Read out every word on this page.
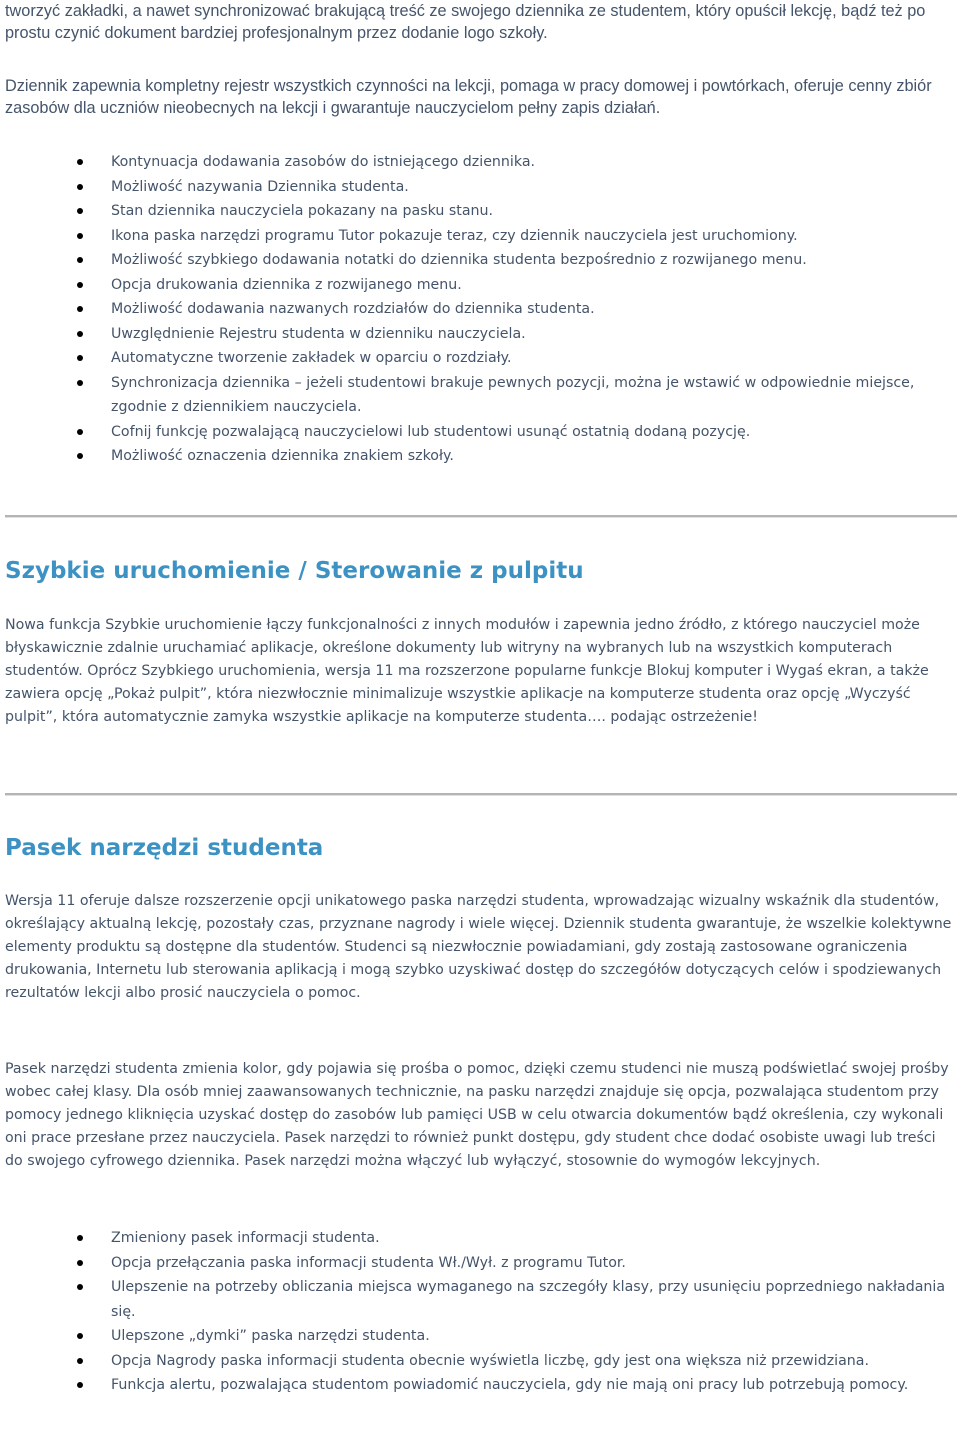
tworzyć zakładki, a nawet synchronizować brakującą treść ze swojego dziennika ze studentem, który opuścił lekcję, bądź też po prostu czynić dokument bardziej profesjonalnym przez dodanie logo szkoły.

Dziennik zapewnia kompletny rejestr wszystkich czynności na lekcji, pomaga w pracy domowej i powtórkach, oferuje cenny zbiór zasobów dla uczniów nieobecnych na lekcji i gwarantuje nauczycielom pełny zapis działań.

Kontynuacja dodawania zasobów do istniejącego dziennika.
Możliwość nazywania Dziennika studenta.
Stan dziennika nauczyciela pokazany na pasku stanu.
Ikona paska narzędzi programu Tutor pokazuje teraz, czy dziennik nauczyciela jest uruchomiony.
Możliwość szybkiego dodawania notatki do dziennika studenta bezpośrednio z rozwijanego menu.
Opcja drukowania dziennika z rozwijanego menu.
Możliwość dodawania nazwanych rozdziałów do dziennika studenta.
Uwzględnienie Rejestru studenta w dzienniku nauczyciela.
Automatyczne tworzenie zakładek w oparciu o rozdziały.
Synchronizacja dziennika – jeżeli studentowi brakuje pewnych pozycji, można je wstawić w odpowiednie miejsce, zgodnie z dziennikiem nauczyciela.
Cofnij funkcję pozwalającą nauczycielowi lub studentowi usunąć ostatnią dodaną pozycję.
Możliwość oznaczenia dziennika znakiem szkoły.
Szybkie uruchomienie / Sterowanie z pulpitu

Nowa funkcja Szybkie uruchomienie łączy funkcjonalności z innych modułów i zapewnia jedno źródło, z którego nauczyciel może błyskawicznie zdalnie uruchamiać aplikacje, określone dokumenty lub witryny na wybranych lub na wszystkich komputerach studentów. Oprócz Szybkiego uruchomienia, wersja 11 ma rozszerzone popularne funkcje Blokuj komputer i Wygaś ekran, a także zawiera opcję „Pokaż pulpit”, która niezwłocznie minimalizuje wszystkie aplikacje na komputerze studenta oraz opcję „Wyczyść pulpit”, która automatycznie zamyka wszystkie aplikacje na komputerze studenta…. podając ostrzeżenie!

Pasek narzędzi studenta

Wersja 11 oferuje dalsze rozszerzenie opcji unikatowego paska narzędzi studenta, wprowadzając wizualny wskaźnik dla studentów, określający aktualną lekcję, pozostały czas, przyznane nagrody i wiele więcej. Dziennik studenta gwarantuje, że wszelkie kolektywne elementy produktu są dostępne dla studentów. Studenci są niezwłocznie powiadamiani, gdy zostają zastosowane ograniczenia drukowania, Internetu lub sterowania aplikacją i mogą szybko uzyskiwać dostęp do szczegółów dotyczących celów i spodziewanych rezultatów lekcji albo prosić nauczyciela o pomoc.

Pasek narzędzi studenta zmienia kolor, gdy pojawia się prośba o pomoc, dzięki czemu studenci nie muszą podświetlać swojej prośby wobec całej klasy. Dla osób mniej zaawansowanych technicznie, na pasku narzędzi znajduje się opcja, pozwalająca studentom przy pomocy jednego kliknięcia uzyskać dostęp do zasobów lub pamięci USB w celu otwarcia dokumentów bądź określenia, czy wykonali oni prace przesłane przez nauczyciela. Pasek narzędzi to również punkt dostępu, gdy student chce dodać osobiste uwagi lub treści do swojego cyfrowego dziennika. Pasek narzędzi można włączyć lub wyłączyć, stosownie do wymogów lekcyjnych.

Zmieniony pasek informacji studenta.
Opcja przełączania paska informacji studenta Wł./Wył. z programu Tutor.
Ulepszenie na potrzeby obliczania miejsca wymaganego na szczegóły klasy, przy usunięciu poprzedniego nakładania się.
Ulepszone „dymki” paska narzędzi studenta.
Opcja Nagrody paska informacji studenta obecnie wyświetla liczbę, gdy jest ona większa niż przewidziana.
Funkcja alertu, pozwalająca studentom powiadomić nauczyciela, gdy nie mają oni pracy lub potrzebują pomocy.
